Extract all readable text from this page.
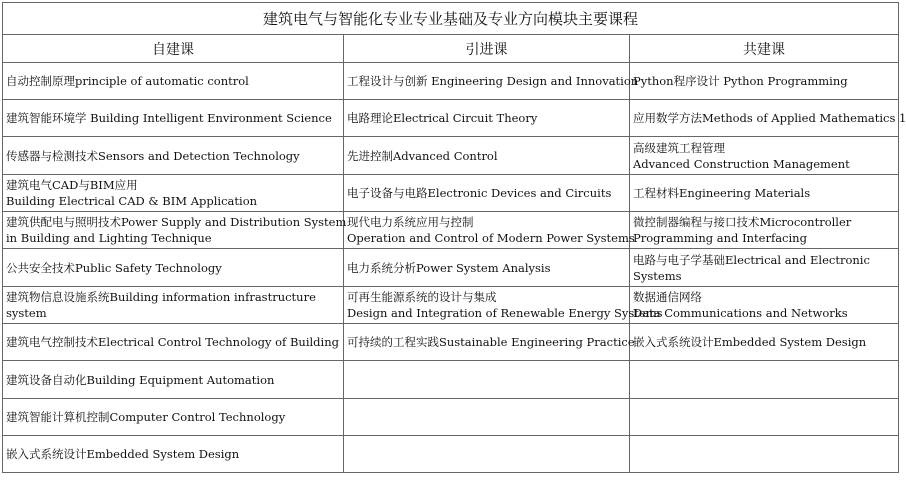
建筑电气与智能化专业专业基础及专业方向模块主要课程		
自建课	引进课	共建课

自动控制原理principle of automatic control	工程设计与创新 Engineering Design and Innovation	Python程序设计 Python Programming

建筑智能环境学 Building Intelligent Environment Science	电路理论Electrical Circuit Theory	应用数学方法Methods of Applied Mathematics 1

传感器与检测技术Sensors and Detection Technology	先进控制Advanced Control	高级建筑工程管理
Advanced Construction Management

建筑电气CAD与BIM应用
Building Electrical CAD & BIM Application	电子设备与电路Electronic Devices and Circuits	工程材料Engineering Materials

建筑供配电与照明技术Power Supply and Distribution System
in Building and Lighting Technique	现代电力系统应用与控制
Operation and Control of Modern Power Systems	微控制器编程与接口技术Microcontroller
Programming and Interfacing

公共安全技术Public Safety Technology	电力系统分析Power System Analysis	电路与电子学基础Electrical and Electronic
Systems

建筑物信息设施系统Building information infrastructure
system	可再生能源系统的设计与集成
Design and Integration of Renewable Energy Systems	数据通信网络
Data Communications and Networks

建筑电气控制技术Electrical Control Technology of Building	可持续的工程实践Sustainable Engineering Practice	嵌入式系统设计Embedded System Design

建筑设备自动化Building Equipment Automation		

建筑智能计算机控制Computer Control Technology		

嵌入式系统设计Embedded System Design		
